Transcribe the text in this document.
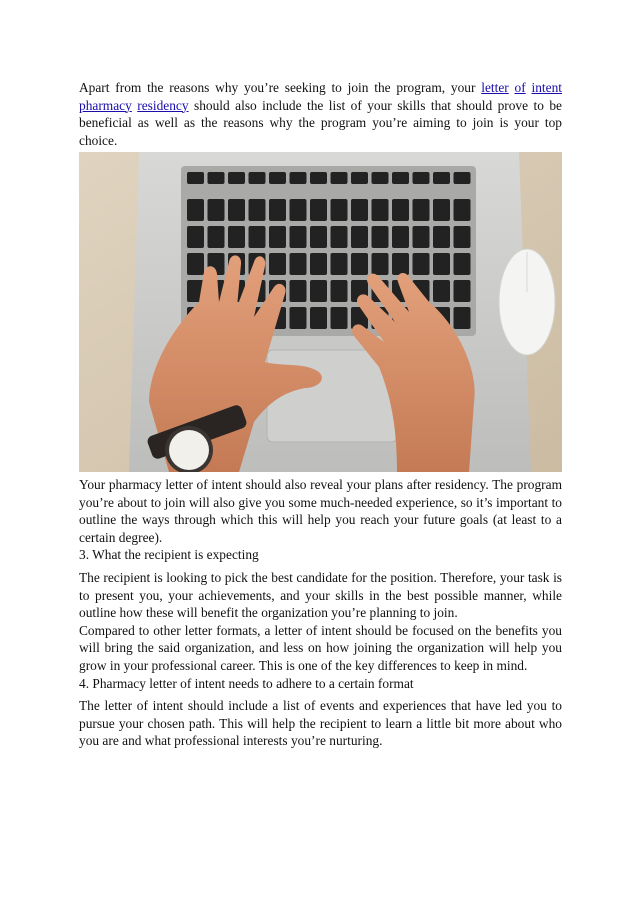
Apart from the reasons why you’re seeking to join the program, your letter of intent pharmacy residency should also include the list of your skills that should prove to be beneficial as well as the reasons why the program you’re aiming to join is your top choice.

Your pharmacy letter of intent should also reveal your plans after residency. The program you’re about to join will also give you some much-needed experience, so it’s important to outline the ways through which this will help you reach your future goals (at least to a certain degree).

3. What the recipient is expecting

The recipient is looking to pick the best candidate for the position. Therefore, your task is to present you, your achievements, and your skills in the best possible manner, while outline how these will benefit the organization you’re planning to join.

Compared to other letter formats, a letter of intent should be focused on the benefits you will bring the said organization, and less on how joining the organization will help you grow in your professional career. This is one of the key differences to keep in mind.

4. Pharmacy letter of intent needs to adhere to a certain format

The letter of intent should include a list of events and experiences that have led you to pursue your chosen path. This will help the recipient to learn a little bit more about who you are and what professional interests you’re nurturing.
